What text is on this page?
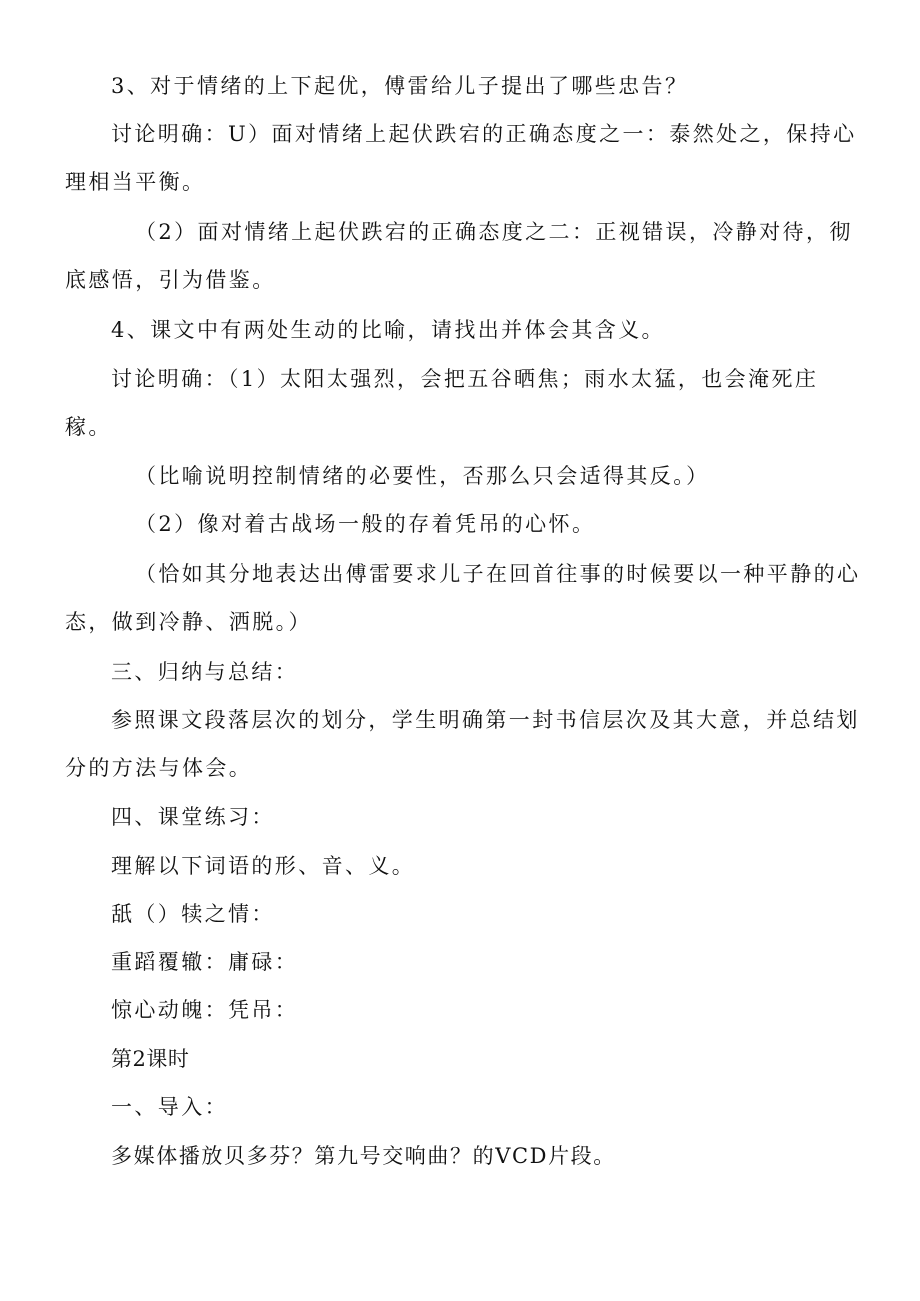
3、对于情绪的上下起优，傅雷给儿子提出了哪些忠告？

讨论明确：U）面对情绪上起伏跌宕的正确态度之一：泰然处之，保持心理相当平衡。

（2）面对情绪上起伏跌宕的正确态度之二：正视错误，冷静对待，彻底感悟，引为借鉴。

4、课文中有两处生动的比喻，请找出并体会其含义。

讨论明确：（1）太阳太强烈，会把五谷晒焦；雨水太猛，也会淹死庄稼。

（比喻说明控制情绪的必要性，否那么只会适得其反。）

（2）像对着古战场一般的存着凭吊的心怀。

（恰如其分地表达出傅雷要求儿子在回首往事的时候要以一种平静的心态，做到冷静、洒脱。）

三、归纳与总结：

参照课文段落层次的划分，学生明确第一封书信层次及其大意，并总结划分的方法与体会。

四、课堂练习：

理解以下词语的形、音、义。

舐（）犊之情：

重蹈覆辙：庸碌：

惊心动魄：凭吊：

第2课时

一、导入：

多媒体播放贝多芬？第九号交响曲？的VCD片段。
